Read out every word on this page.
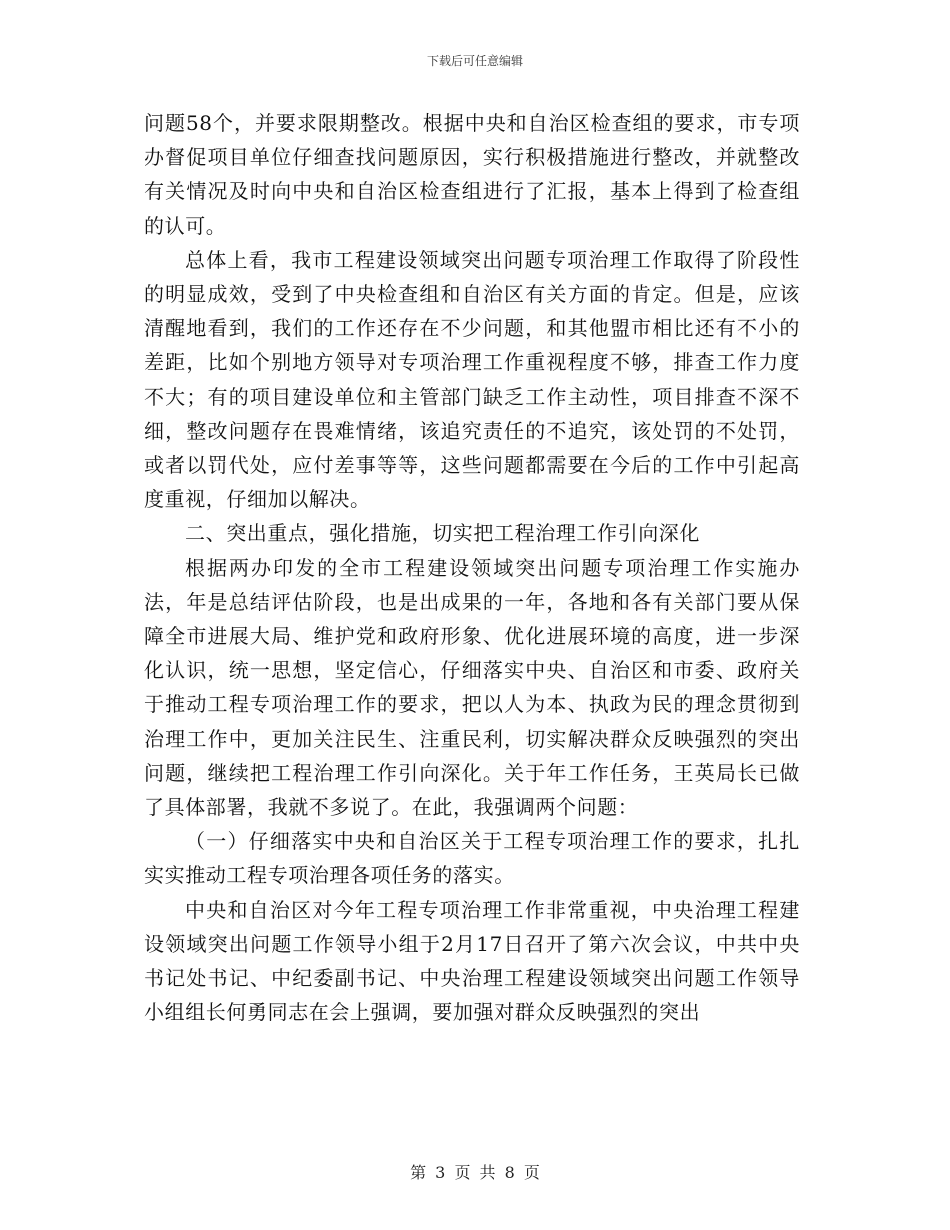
下载后可任意编辑

问题58个，并要求限期整改。根据中央和自治区检查组的要求，市专项办督促项目单位仔细查找问题原因，实行积极措施进行整改，并就整改有关情况及时向中央和自治区检查组进行了汇报，基本上得到了检查组的认可。

总体上看，我市工程建设领域突出问题专项治理工作取得了阶段性的明显成效，受到了中央检查组和自治区有关方面的肯定。但是，应该清醒地看到，我们的工作还存在不少问题，和其他盟市相比还有不小的差距，比如个别地方领导对专项治理工作重视程度不够，排查工作力度不大；有的项目建设单位和主管部门缺乏工作主动性，项目排查不深不细，整改问题存在畏难情绪，该追究责任的不追究，该处罚的不处罚，或者以罚代处，应付差事等等，这些问题都需要在今后的工作中引起高度重视，仔细加以解决。

二、突出重点，强化措施，切实把工程治理工作引向深化

根据两办印发的全市工程建设领域突出问题专项治理工作实施办法，年是总结评估阶段，也是出成果的一年，各地和各有关部门要从保障全市进展大局、维护党和政府形象、优化进展环境的高度，进一步深化认识，统一思想，坚定信心，仔细落实中央、自治区和市委、政府关于推动工程专项治理工作的要求，把以人为本、执政为民的理念贯彻到治理工作中，更加关注民生、注重民利，切实解决群众反映强烈的突出问题，继续把工程治理工作引向深化。关于年工作任务，王英局长已做了具体部署，我就不多说了。在此，我强调两个问题：

（一）仔细落实中央和自治区关于工程专项治理工作的要求，扎扎实实推动工程专项治理各项任务的落实。

中央和自治区对今年工程专项治理工作非常重视，中央治理工程建设领域突出问题工作领导小组于2月17日召开了第六次会议，中共中央书记处书记、中纪委副书记、中央治理工程建设领域突出问题工作领导小组组长何勇同志在会上强调，要加强对群众反映强烈的突出

第 3 页 共 8 页
